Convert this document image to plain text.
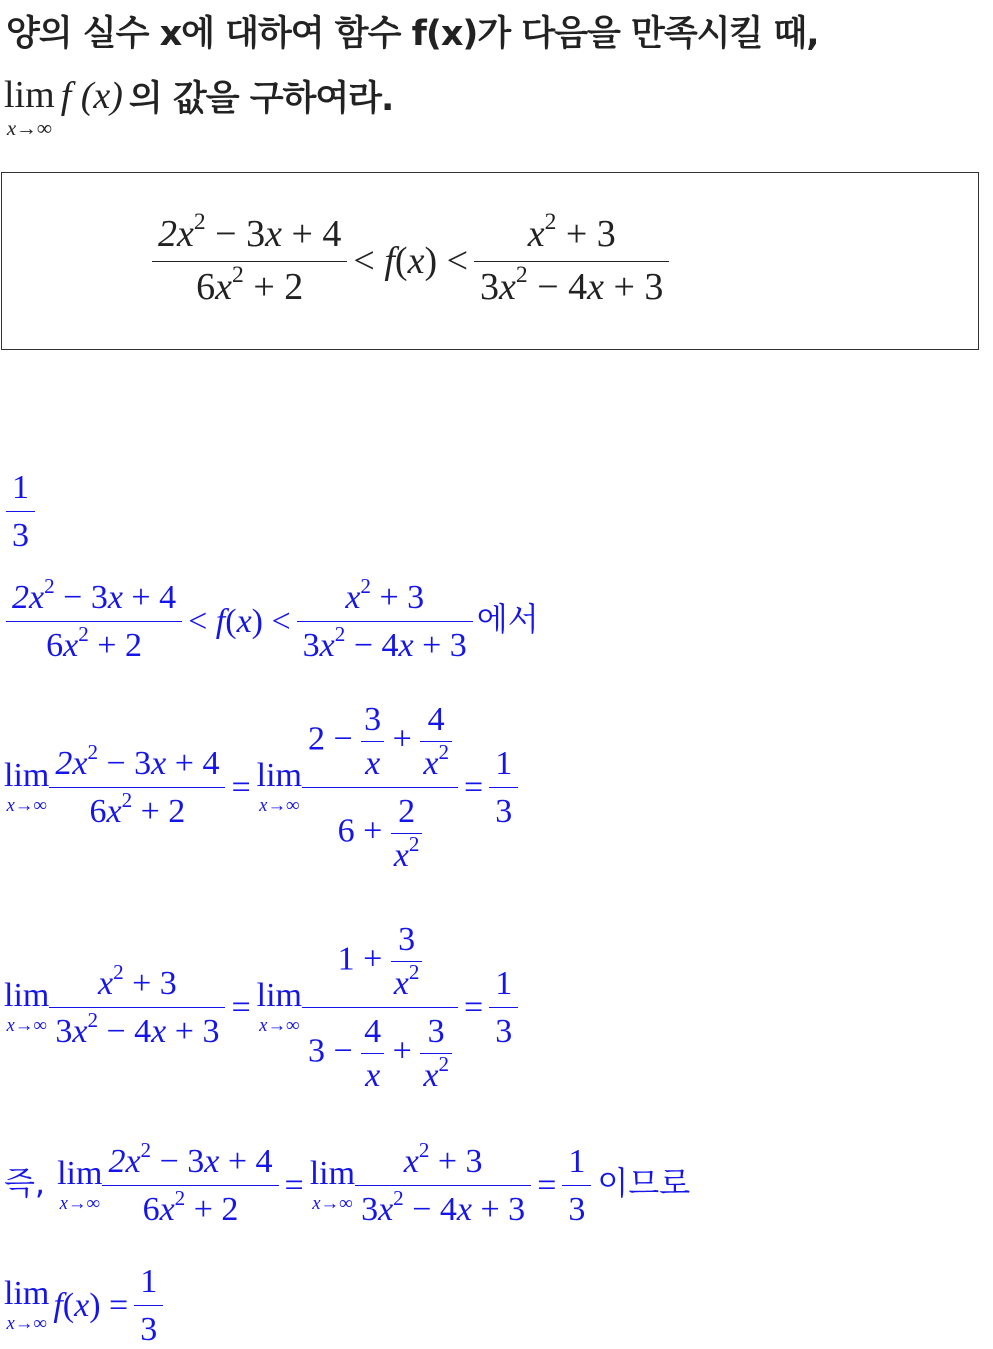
양의 실수 x에 대하여 함수 f(x)가 다음을 만족시킬 때,
lim
x→∞
f (x) 의 값을 구하여라.
$\frac{2x^2 - 3x + 4}{6x^2 + 2} < f(x) < \frac{x^2 + 3}{3x^2 - 4x + 3}$
$\frac{1}{3}$
$\frac{2x^2 - 3x + 4}{6x^2 + 2} < f(x) < \frac{x^2 + 3}{3x^2 - 4x + 3}$ 에서
lim
$x\to\infty \frac{2x^2 - 3x + 4}{6x^2 + 2} = \lim$
$x\to\infty \frac{2 - \frac{3}{x} + \frac{4}{x^2}}{6 + \frac{2}{x^2}} = \frac{1}{3}$
lim
$x\to\infty \frac{x^2 + 3}{3x^2 - 4x + 3} = \lim$
$x\to\infty \frac{1 + \frac{3}{x^2}}{3 - \frac{4}{x} + \frac{3}{x^2}} = \frac{1}{3}$
즉, lim
$x\to\infty \frac{2x^2 - 3x + 4}{6x^2 + 2} = \lim$
$x\to\infty \frac{x^2 + 3}{3x^2 - 4x + 3} = \frac{1}{3}$ 이므로
lim
x→∞
$f(x) = \frac{1}{3}$
